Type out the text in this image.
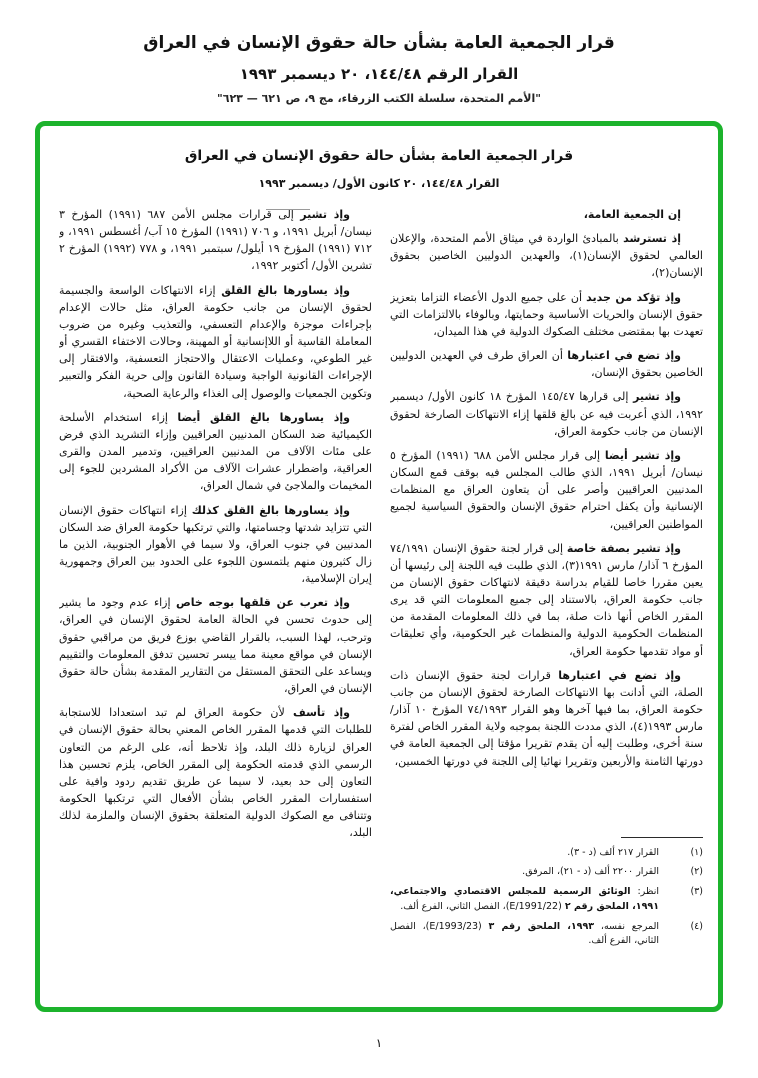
قرار الجمعية العامة بشأن حالة حقوق الإنسان في العراق
القرار الرقم ١٤٤/٤٨، ٢٠ ديسمبر ١٩٩٣
"الأمم المتحدة، سلسلة الكتب الزرقاء، مج ٩، ص ٦٢١ — ٦٢٣"
قرار الجمعية العامة بشأن حالة حقوق الإنسان في العراق
القرار ١٤٤/٤٨، ٢٠ كانون الأول/ ديسمبر ١٩٩٣

إن الجمعية العامة،

إذ تسترشد بالمبادئ الواردة في ميثاق الأمم المتحدة، والإعلان العالمي لحقوق الإنسان(١)، والعهدين الدوليين الخاصين بحقوق الإنسان(٢)،

وإذ تؤكد من جديد أن على جميع الدول الأعضاء التزاما بتعزيز حقوق الإنسان والحريات الأساسية وحمايتها، وبالوفاء بالالتزامات التي تعهدت بها بمقتضى مختلف الصكوك الدولية في هذا الميدان،

وإذ تضع في اعتبارها أن العراق طرف في العهدين الدوليين الخاصين بحقوق الإنسان،

وإذ تشير إلى قرارها ١٤٥/٤٧ المؤرخ ١٨ كانون الأول/ ديسمبر ١٩٩٢، الذي أعربت فيه عن بالغ قلقها إزاء الانتهاكات الصارخة لحقوق الإنسان من جانب حكومة العراق،

وإذ تشير أيضا إلى قرار مجلس الأمن ٦٨٨ (١٩٩١) المؤرخ ٥ نيسان/ أبريل ١٩٩١، الذي طالب المجلس فيه بوقف قمع السكان المدنيين العراقيين وأصر على أن يتعاون العراق مع المنظمات الإنسانية وأن يكفل احترام حقوق الإنسان والحقوق السياسية لجميع المواطنين العراقيين،

وإذ تشير بصفة خاصة إلى قرار لجنة حقوق الإنسان ٧٤/١٩٩١ المؤرخ ٦ آذار/ مارس ١٩٩١(٣)، الذي طلبت فيه اللجنة إلى رئيسها أن يعين مقررا خاصا للقيام بدراسة دقيقة لانتهاكات حقوق الإنسان من جانب حكومة العراق، بالاستناد إلى جميع المعلومات التي قد يرى المقرر الخاص أنها ذات صلة، بما في ذلك المعلومات المقدمة من المنظمات الحكومية الدولية والمنظمات غير الحكومية، وأي تعليقات أو مواد تقدمها حكومة العراق،

وإذ تضع في اعتبارها قرارات لجنة حقوق الإنسان ذات الصلة، التي أدانت بها الانتهاكات الصارخة لحقوق الإنسان من جانب حكومة العراق، بما فيها آخرها وهو القرار ٧٤/١٩٩٣ المؤرخ ١٠ آذار/ مارس ١٩٩٣(٤)، الذي مددت اللجنة بموجبه ولاية المقرر الخاص لفترة سنة أخرى، وطلبت إليه أن يقدم تقريرا مؤقتا إلى الجمعية العامة في دورتها الثامنة والأربعين وتقريرا نهائيا إلى اللجنة في دورتها الخمسين،

(١)
القرار ٢١٧ ألف (د - ٣).
(٢)
القرار ٢٢٠٠ ألف (د - ٢١)، المرفق.
(٣)
انظر: الوثائق الرسمية للمجلس الاقتصادي والاجتماعي، ١٩٩١، الملحق رقم ٢ (E/1991/22)، الفصل الثاني، الفرع ألف.
(٤)
المرجع نفسه، ١٩٩٣، الملحق رقم ٣ (E/1993/23)، الفصل الثاني، الفرع ألف.

وإذ تشير إلى قرارات مجلس الأمن ٦٨٧ (١٩٩١) المؤرخ ٣ نيسان/ أبريل ١٩٩١، و ٧٠٦ (١٩٩١) المؤرخ ١٥ آب/ أغسطس ١٩٩١، و ٧١٢ (١٩٩١) المؤرخ ١٩ أيلول/ سبتمبر ١٩٩١، و ٧٧٨ (١٩٩٢) المؤرخ ٢ تشرين الأول/ أكتوبر ١٩٩٢،

وإذ يساورها بالغ القلق إزاء الانتهاكات الواسعة والجسيمة لحقوق الإنسان من جانب حكومة العراق، مثل حالات الإعدام بإجراءات موجزة والإعدام التعسفي، والتعذيب وغيره من ضروب المعاملة القاسية أو اللاإنسانية أو المهينة، وحالات الاختفاء القسري أو غير الطوعي، وعمليات الاعتقال والاحتجاز التعسفية، والافتقار إلى الإجراءات القانونية الواجبة وسيادة القانون وإلى حرية الفكر والتعبير وتكوين الجمعيات والوصول إلى الغذاء والرعاية الصحية،

وإذ يساورها بالغ القلق أيضا إزاء استخدام الأسلحة الكيميائية ضد السكان المدنيين العراقيين وإزاء التشريد الذي فرض على مئات الآلاف من المدنيين العراقيين، وتدمير المدن والقرى العراقية، واضطرار عشرات الآلاف من الأكراد المشردين للجوء إلى المخيمات والملاجئ في شمال العراق،

وإذ يساورها بالغ القلق كذلك إزاء انتهاكات حقوق الإنسان التي تتزايد شدتها وجسامتها، والتي ترتكبها حكومة العراق ضد السكان المدنيين في جنوب العراق، ولا سيما في الأهوار الجنوبية، الذين ما زال كثيرون منهم يلتمسون اللجوء على الحدود بين العراق وجمهورية إيران الإسلامية،

وإذ تعرب عن قلقها بوجه خاص إزاء عدم وجود ما يشير إلى حدوث تحسن في الحالة العامة لحقوق الإنسان في العراق، وترحب، لهذا السبب، بالقرار القاضي بوزع فريق من مراقبي حقوق الإنسان في مواقع معينة مما ييسر تحسين تدفق المعلومات والتقييم ويساعد على التحقق المستقل من التقارير المقدمة بشأن حالة حقوق الإنسان في العراق،

وإذ تأسف لأن حكومة العراق لم تبد استعدادا للاستجابة للطلبات التي قدمها المقرر الخاص المعني بحالة حقوق الإنسان في العراق لزيارة ذلك البلد، وإذ تلاحظ أنه، على الرغم من التعاون الرسمي الذي قدمته الحكومة إلى المقرر الخاص، يلزم تحسين هذا التعاون إلى حد بعيد، لا سيما عن طريق تقديم ردود وافية على استفسارات المقرر الخاص بشأن الأفعال التي ترتكبها الحكومة وتتنافى مع الصكوك الدولية المتعلقة بحقوق الإنسان والملزمة لذلك البلد،

١
